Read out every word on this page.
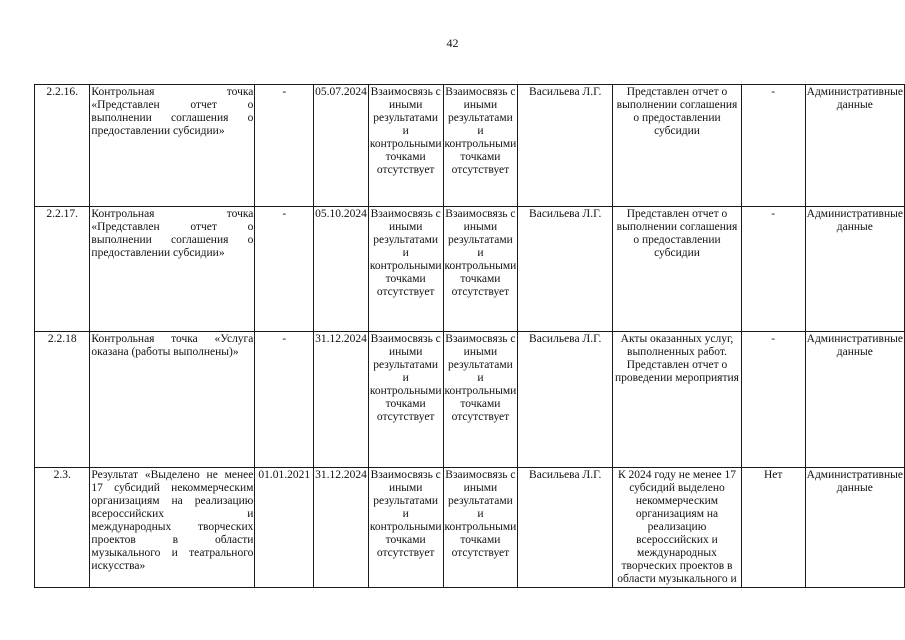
42
2.2.16.	Контрольная точка «Представлен отчет о выполнении соглашения о предоставлении субсидии»	-	05.07.2024	Взаимосвязь с иными результатами и контрольными точками отсутствует	Взаимосвязь с иными результатами и контрольными точками отсутствует	Васильева Л.Г.	Представлен отчет о выполнении соглашения о предоставлении субсидии	-	Административные данные
2.2.17.	Контрольная точка «Представлен отчет о выполнении соглашения о предоставлении субсидии»	-	05.10.2024	Взаимосвязь с иными результатами и контрольными точками отсутствует	Взаимосвязь с иными результатами и контрольными точками отсутствует	Васильева Л.Г.	Представлен отчет о выполнении соглашения о предоставлении субсидии	-	Административные данные
2.2.18	Контрольная точка «Услуга оказана (работы выполнены)»	-	31.12.2024	Взаимосвязь с иными результатами и контрольными точками отсутствует	Взаимосвязь с иными результатами и контрольными точками отсутствует	Васильева Л.Г.	Акты оказанных услуг, выполненных работ. Представлен отчет о проведении мероприятия	-	Административные данные
2.3.	Результат «Выделено не менее 17 субсидий некоммерческим организациям на реализацию всероссийских и международных творческих проектов в области музыкального и театрального искусства»	01.01.2021	31.12.2024	Взаимосвязь с иными результатами и контрольными точками отсутствует	Взаимосвязь с иными результатами и контрольными точками отсутствует	Васильева Л.Г.	К 2024 году не менее 17 субсидий выделено некоммерческим организациям на реализацию всероссийских и международных творческих проектов в области музыкального и	Нет	Административные данные
